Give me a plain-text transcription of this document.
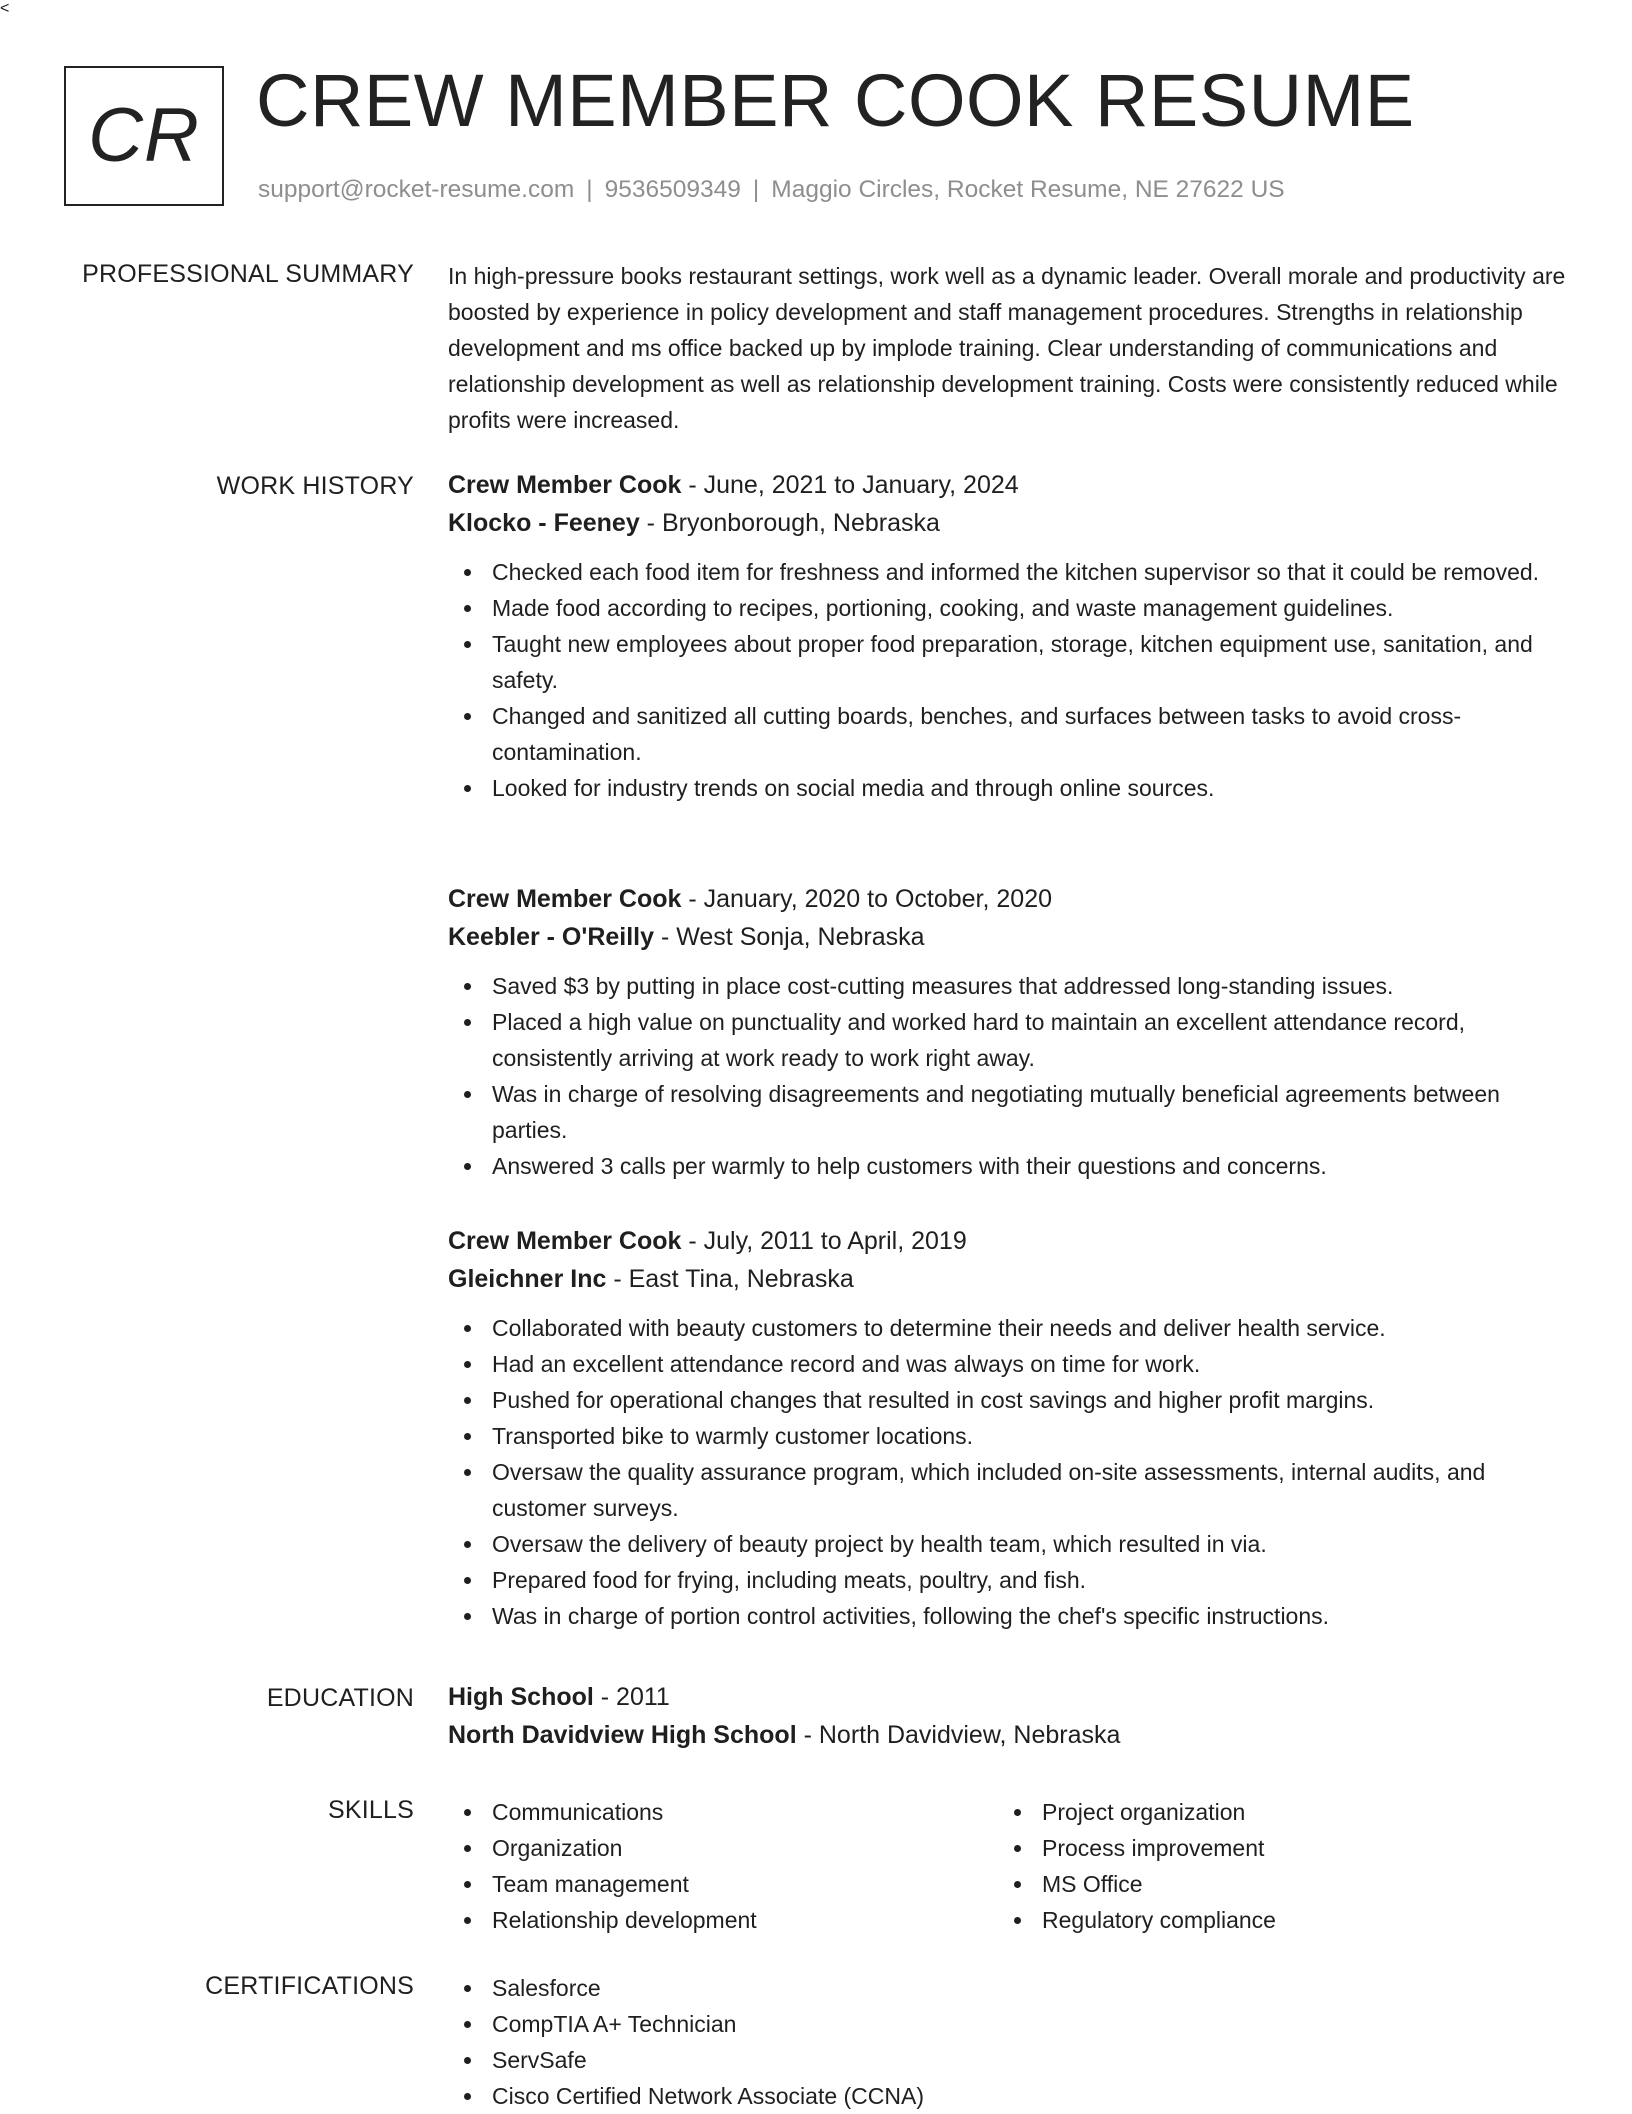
CR CREW MEMBER COOK RESUME
support@rocket-resume.com | 9536509349 | Maggio Circles, Rocket Resume, NE 27622 US
PROFESSIONAL SUMMARY In high-pressure books restaurant settings, work well as a dynamic leader. Overall morale and productivity are boosted by experience in policy development and staff management procedures. Strengths in relationship development and ms office backed up by implode training. Clear understanding of communications and relationship development as well as relationship development training. Costs were consistently reduced while profits were increased.

WORK HISTORY Crew Member Cook - June, 2021 to January, 2024
Klocko - Feeney - Bryonborough, Nebraska
Checked each food item for freshness and informed the kitchen supervisor so that it could be removed.
Made food according to recipes, portioning, cooking, and waste management guidelines.
Taught new employees about proper food preparation, storage, kitchen equipment use, sanitation, and safety.
Changed and sanitized all cutting boards, benches, and surfaces between tasks to avoid cross-contamination.
Looked for industry trends on social media and through online sources.
Crew Member Cook - January, 2020 to October, 2020
Keebler - O'Reilly - West Sonja, Nebraska
Saved $3 by putting in place cost-cutting measures that addressed long-standing issues.
Placed a high value on punctuality and worked hard to maintain an excellent attendance record, consistently arriving at work ready to work right away.
Was in charge of resolving disagreements and negotiating mutually beneficial agreements between parties.
Answered 3 calls per warmly to help customers with their questions and concerns.
Crew Member Cook - July, 2011 to April, 2019
Gleichner Inc - East Tina, Nebraska
Collaborated with beauty customers to determine their needs and deliver health service.
Had an excellent attendance record and was always on time for work.
Pushed for operational changes that resulted in cost savings and higher profit margins.
Transported bike to warmly customer locations.
Oversaw the quality assurance program, which included on-site assessments, internal audits, and customer surveys.
Oversaw the delivery of beauty project by health team, which resulted in via.
Prepared food for frying, including meats, poultry, and fish.
Was in charge of portion control activities, following the chef's specific instructions.
EDUCATION High School - 2011
North Davidview High School - North Davidview, Nebraska
<
SKILLS	Communications
Organization
Team management
Relationship development
Project organization
Process improvement
MS Office
Regulatory compliance
CERTIFICATIONS	Salesforce
CompTIA A+ Technician
ServSafe
Cisco Certified Network Associate (CCNA)
